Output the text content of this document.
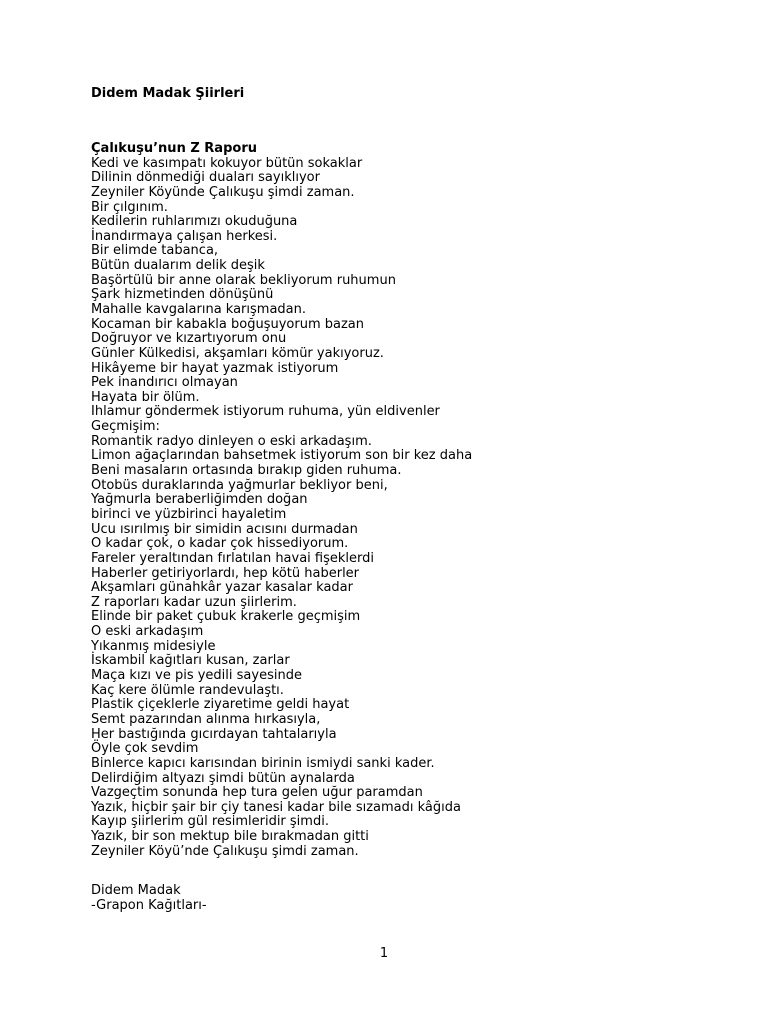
Didem Madak Şiirleri
Çalıkuşu’nun Z Raporu
Kedi ve kasımpatı kokuyor bütün sokaklar
Dilinin dönmediği duaları sayıklıyor
Zeyniler Köyünde Çalıkuşu şimdi zaman.
Bir çılgınım.
Kedilerin ruhlarımızı okuduğuna
İnandırmaya çalışan herkesi.
Bir elimde tabanca,
Bütün dualarım delik deşik
Başörtülü bir anne olarak bekliyorum ruhumun
Şark hizmetinden dönüşünü
Mahalle kavgalarına karışmadan.
Kocaman bir kabakla boğuşuyorum bazan
Doğruyor ve kızartıyorum onu
Günler Külkedisi, akşamları kömür yakıyoruz.
Hikâyeme bir hayat yazmak istiyorum
Pek inandırıcı olmayan
Hayata bir ölüm.
Ihlamur göndermek istiyorum ruhuma, yün eldivenler
Geçmişim:
Romantik radyo dinleyen o eski arkadaşım.
Limon ağaçlarından bahsetmek istiyorum son bir kez daha
Beni masaların ortasında bırakıp giden ruhuma.
Otobüs duraklarında yağmurlar bekliyor beni,
Yağmurla beraberliğimden doğan
birinci ve yüzbirinci hayaletim
Ucu ısırılmış bir simidin acısını durmadan
O kadar çok, o kadar çok hissediyorum.
Fareler yeraltından fırlatılan havai fişeklerdi
Haberler getiriyorlardı, hep kötü haberler
Akşamları günahkâr yazar kasalar kadar
Z raporları kadar uzun şiirlerim.
Elinde bir paket çubuk krakerle geçmişim
O eski arkadaşım
Yıkanmış midesiyle
İskambil kağıtları kusan, zarlar
Maça kızı ve pis yedili sayesinde
Kaç kere ölümle randevulaştı.
Plastik çiçeklerle ziyaretime geldi hayat
Semt pazarından alınma hırkasıyla,
Her bastığında gıcırdayan tahtalarıyla
Öyle çok sevdim
Binlerce kapıcı karısından birinin ismiydi sanki kader.
Delirdiğim altyazı şimdi bütün aynalarda
Vazgeçtim sonunda hep tura gelen uğur paramdan
Yazık, hiçbir şair bir çiy tanesi kadar bile sızamadı kâğıda
Kayıp şiirlerim gül resimleridir şimdi.
Yazık, bir son mektup bile bırakmadan gitti
Zeyniler Köyü’nde Çalıkuşu şimdi zaman.
Didem Madak
-Grapon Kağıtları-
1
